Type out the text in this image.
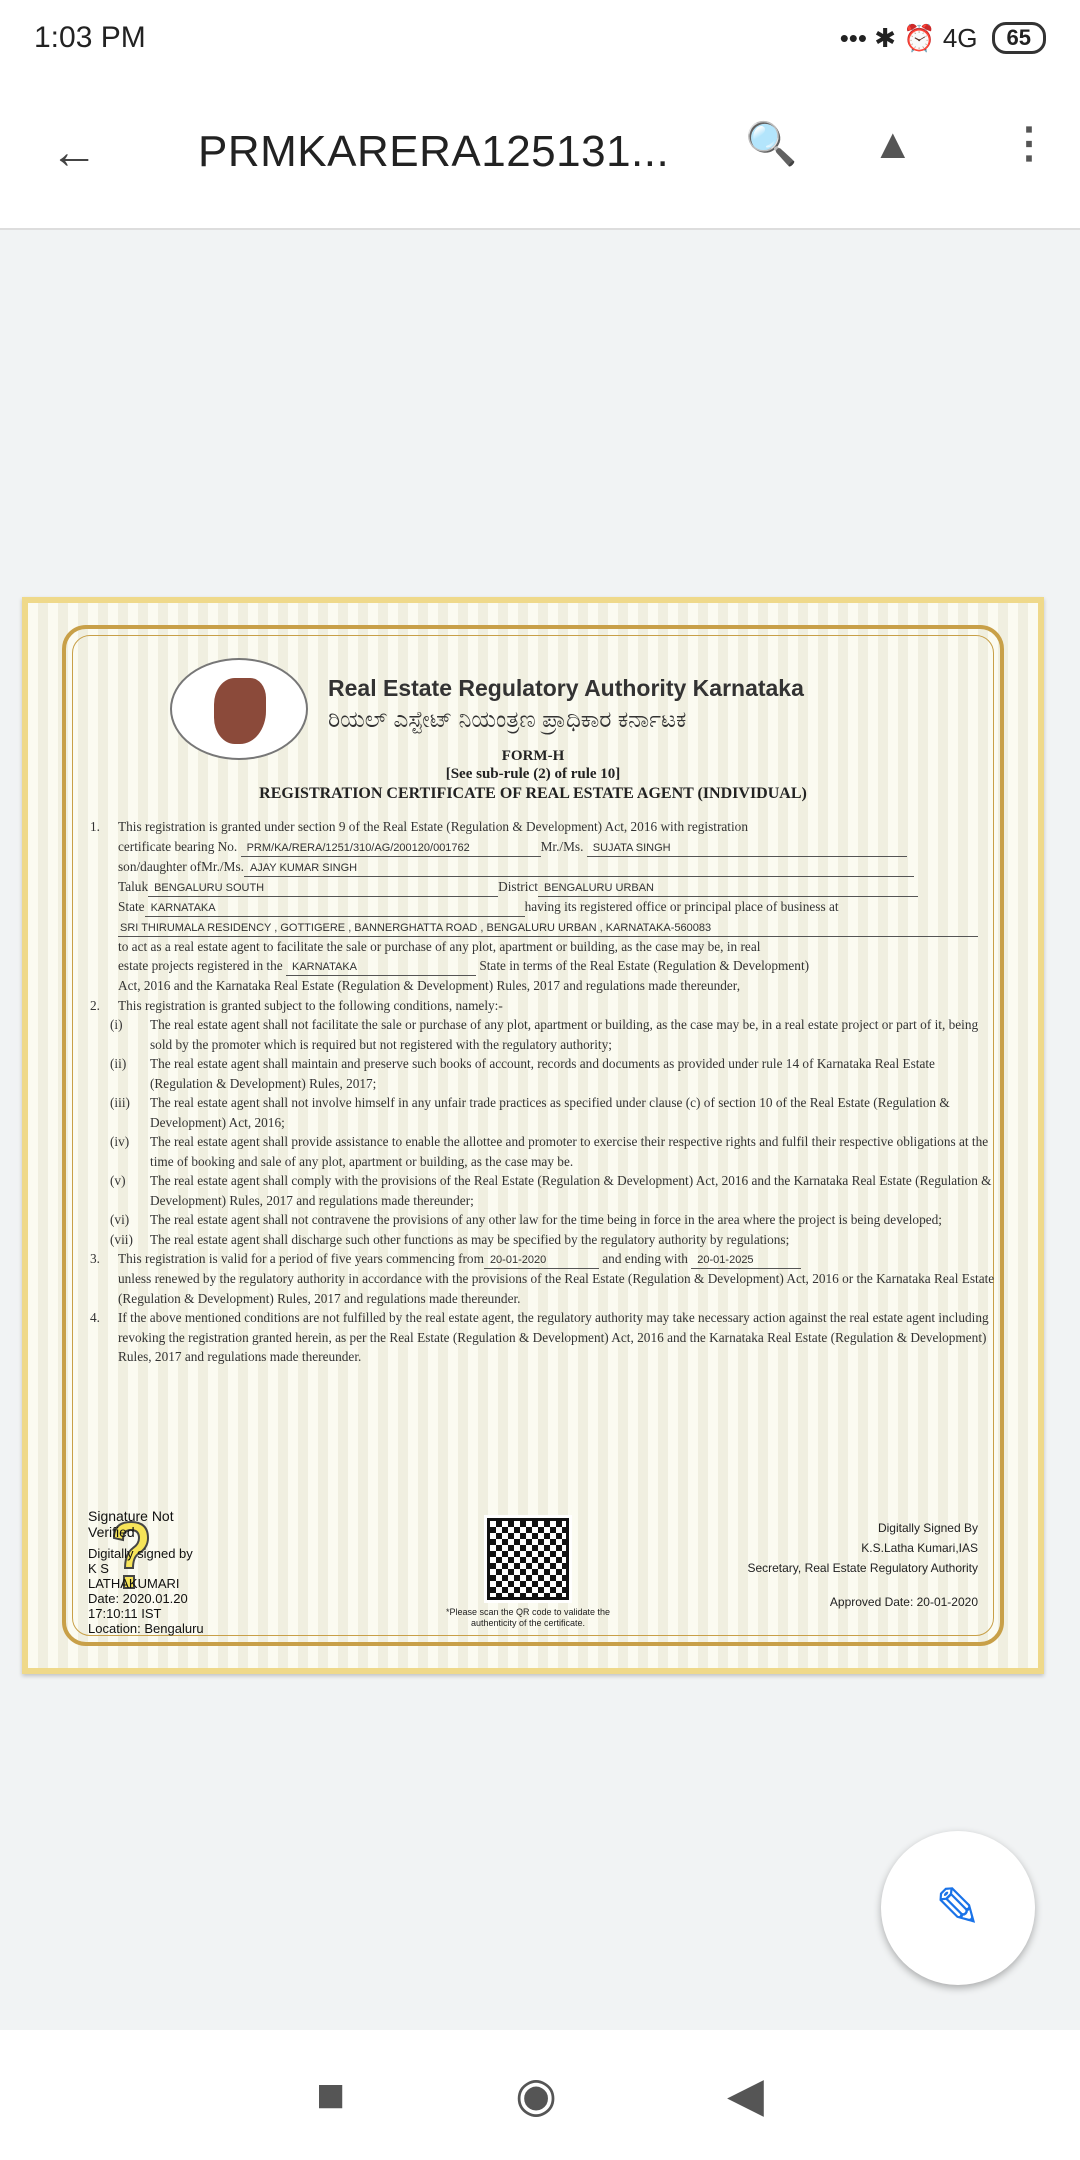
1:03 PM	••• ✱ ⏰ 4G	65
← PRMKARERA125131... 🔍 ▲ ⋮
Real Estate Regulatory Authority Karnataka
ರಿಯಲ್ ಎಸ್ಟೇಟ್ ನಿಯಂತ್ರಣ ಪ್ರಾಧಿಕಾರ ಕರ್ನಾಟಕ
FORM-H
[See sub-rule (2) of rule 10]
REGISTRATION CERTIFICATE OF REAL ESTATE AGENT (INDIVIDUAL)
1.	This registration is granted under section 9 of the Real Estate (Regulation & Development) Act, 2016 with registration
certificate bearing No. PRM/KA/RERA/1251/310/AG/200120/001762	Mr./Ms. SUJATA SINGH
son/daughter ofMr./Ms. AJAY KUMAR SINGH
Taluk BENGALURU SOUTH	District BENGALURU URBAN
State KARNATAKA	having its registered office or principal place of business at
SRI THIRUMALA RESIDENCY , GOTTIGERE , BANNERGHATTA ROAD , BENGALURU URBAN , KARNATAKA-560083
to act as a real estate agent to facilitate the sale or purchase of any plot, apartment or building, as the case may be, in real
estate projects registered in the KARNATAKA	State in terms of the Real Estate (Regulation & Development)
Act, 2016 and the Karnataka Real Estate (Regulation & Development) Rules, 2017 and regulations made thereunder,
2.	This registration is granted subject to the following conditions, namely:-
(i)	The real estate agent shall not facilitate the sale or purchase of any plot, apartment or building, as the case may be, in a real estate project or part of it, being sold by the promoter which is required but not registered with the regulatory authority;
(ii)	The real estate agent shall maintain and preserve such books of account, records and documents as provided under rule 14 of Karnataka Real Estate (Regulation & Development) Rules, 2017;
(iii)	The real estate agent shall not involve himself in any unfair trade practices as specified under clause (c) of section 10 of the Real Estate (Regulation & Development) Act, 2016;
(iv)	The real estate agent shall provide assistance to enable the allottee and promoter to exercise their respective rights and fulfil their respective obligations at the time of booking and sale of any plot, apartment or building, as the case may be.
(v)	The real estate agent shall comply with the provisions of the Real Estate (Regulation & Development) Act, 2016 and the Karnataka Real Estate (Regulation & Development) Rules, 2017 and regulations made thereunder;
(vi)	The real estate agent shall not contravene the provisions of any other law for the time being in force in the area where the project is being developed;
(vii)	The real estate agent shall discharge such other functions as may be specified by the regulatory authority by regulations;
3.	This registration is valid for a period of five years commencing from 20-01-2020	and ending with 20-01-2025
unless renewed by the regulatory authority in accordance with the provisions of the Real Estate (Regulation & Development) Act, 2016 or the Karnataka Real Estate (Regulation & Development) Rules, 2017 and regulations made thereunder.
4.	If the above mentioned conditions are not fulfilled by the real estate agent, the regulatory authority may take necessary action against the real estate agent including revoking the registration granted herein, as per the Real Estate (Regulation & Development) Act, 2016 and the Karnataka Real Estate (Regulation & Development) Rules, 2017 and regulations made thereunder.
Signature Not Verified
Digitally signed by
K S
LATHAKUMARI
Date: 2020.01.20
17:10:11 IST
Location: Bengaluru
*Please scan the QR code to validate the authenticity of the certificate.
Digitally Signed By
K.S.Latha Kumari,IAS
Secretary, Real Estate Regulatory Authority
Approved Date: 20-01-2020
✎
■	◉	◀
